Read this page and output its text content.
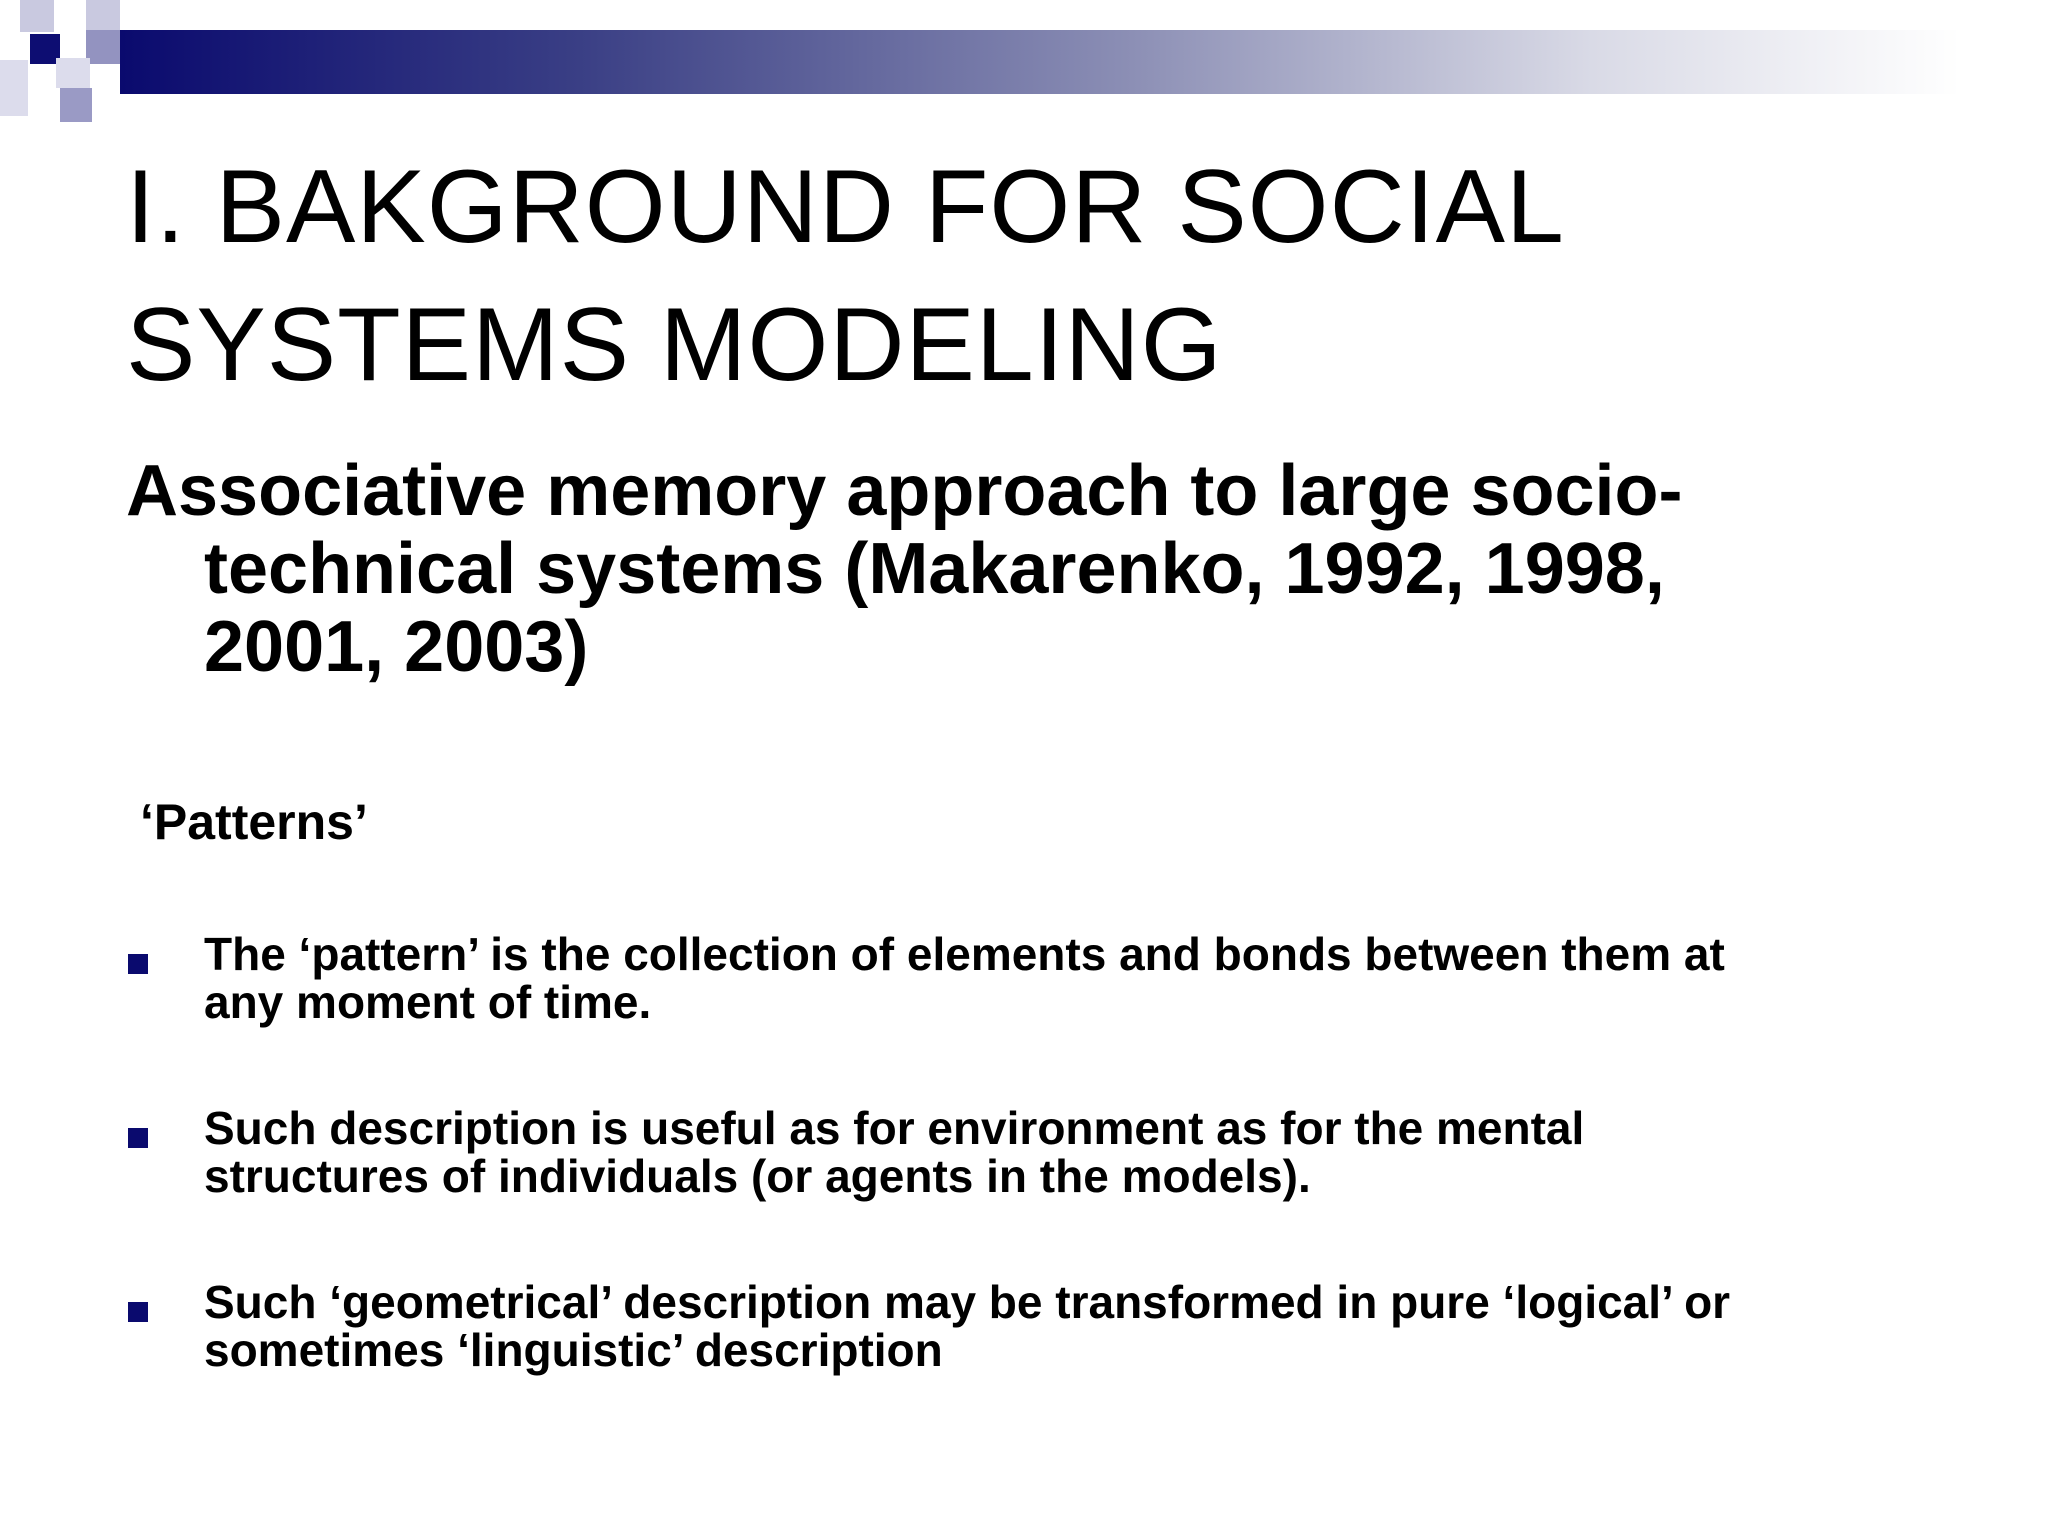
I. BAKGROUND FOR SOCIAL
SYSTEMS MODELING

Associative memory approach to large socio-
technical systems (Makarenko, 1992, 1998,
2001, 2003)

‘Patterns’

The ‘pattern’ is the collection of elements and bonds between them at
any moment of time.
Such description is useful as for environment as for the mental
structures of individuals (or agents in the models).
Such ‘geometrical’ description may be transformed in pure ‘logical’ or
sometimes ‘linguistic’ description
